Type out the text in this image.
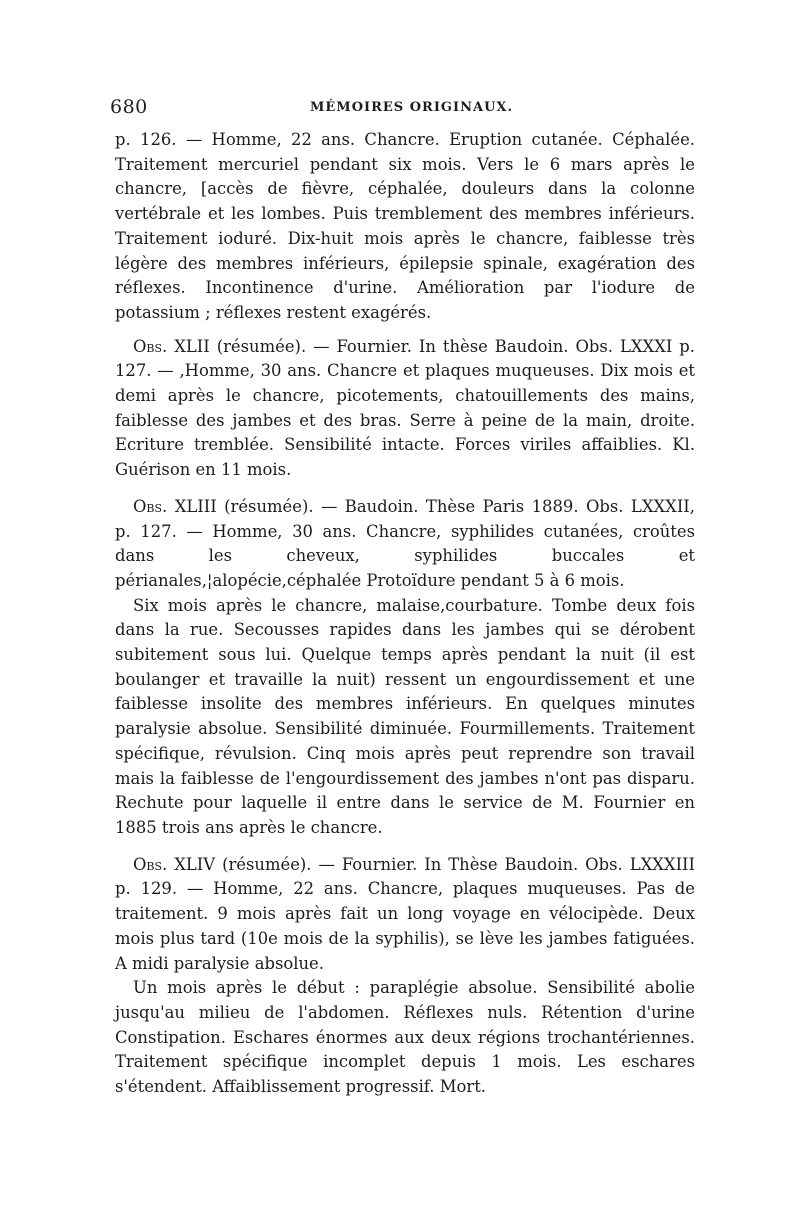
680	MÉMOIRES ORIGINAUX.

p. 126. — Homme, 22 ans. Chancre. Eruption cutanée. Céphalée. Traitement mercuriel pendant six mois. Vers le 6 mars après le chancre, [accès de fièvre, céphalée, douleurs dans la colonne vertébrale et les lombes. Puis tremblement des membres inférieurs. Traitement ioduré. Dix-huit mois après le chancre, faiblesse très légère des membres inférieurs, épilepsie spinale, exagération des réflexes. Incontinence d'urine. Amélioration par l'iodure de potassium ; réflexes restent exagérés.

Obs. XLII (résumée). — Fournier. In thèse Baudoin. Obs. LXXXI p. 127. — ,Homme, 30 ans. Chancre et plaques muqueuses. Dix mois et demi après le chancre, picotements, chatouillements des mains, faiblesse des jambes et des bras. Serre à peine de la main, droite. Ecriture tremblée. Sensibilité intacte. Forces viriles affaiblies. Kl. Guérison en 11 mois.

Obs. XLIII (résumée). — Baudoin. Thèse Paris 1889. Obs. LXXXII, p. 127. — Homme, 30 ans. Chancre, syphilides cutanées, croûtes dans les cheveux, syphilides buccales et périanales,¦alopécie,céphalée Protoïdure pendant 5 à 6 mois.

Six mois après le chancre, malaise,courbature. Tombe deux fois dans la rue. Secousses rapides dans les jambes qui se dérobent subitement sous lui. Quelque temps après pendant la nuit (il est boulanger et travaille la nuit) ressent un engourdissement et une faiblesse insolite des membres inférieurs. En quelques minutes paralysie absolue. Sensibilité diminuée. Fourmillements. Traitement spécifique, révulsion. Cinq mois après peut reprendre son travail mais la faiblesse de l'engourdissement des jambes n'ont pas disparu. Rechute pour laquelle il entre dans le service de M. Fournier en 1885 trois ans après le chancre.

Obs. XLIV (résumée). — Fournier. In Thèse Baudoin. Obs. LXXXIII p. 129. — Homme, 22 ans. Chancre, plaques muqueuses. Pas de traitement. 9 mois après fait un long voyage en vélocipède. Deux mois plus tard (10e mois de la syphilis), se lève les jambes fatiguées. A midi paralysie absolue.

Un mois après le début : paraplégie absolue. Sensibilité abolie jusqu'au milieu de l'abdomen. Réflexes nuls. Rétention d'urine Constipation. Eschares énormes aux deux régions trochantériennes. Traitement spécifique incomplet depuis 1 mois. Les eschares s'étendent. Affaiblissement progressif. Mort.
